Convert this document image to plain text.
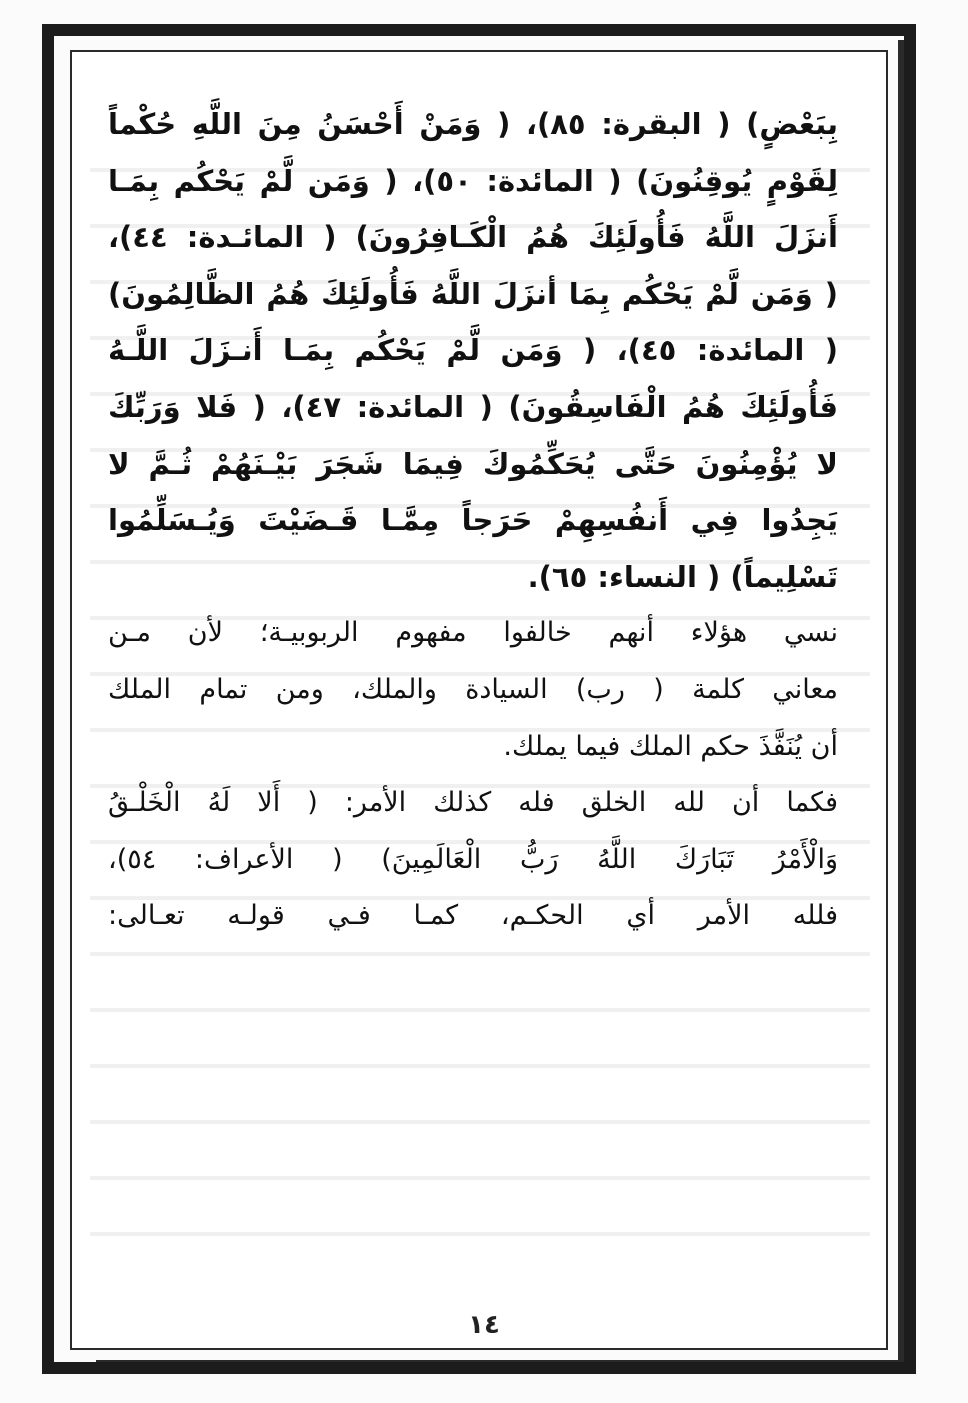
بِبَعْضٍ) ( البقرة: ٨٥)، ( وَمَنْ أَحْسَنُ مِنَ اللَّهِ حُكْماً
لِقَوْمٍ يُوقِنُونَ) ( المائدة: ٥٠)، ( وَمَن لَّمْ يَحْكُم بِمَـا
أَنزَلَ اللَّهُ فَأُولَئِكَ هُمُ الْكَـافِرُونَ) ( المائـدة: ٤٤)،
( وَمَن لَّمْ يَحْكُم بِمَا أنزَلَ اللَّهُ فَأُولَئِكَ هُمُ الظَّالِمُونَ)
( المائدة: ٤٥)، ( وَمَن لَّمْ يَحْكُم بِمَـا أَنـزَلَ اللَّـهُ
فَأُولَئِكَ هُمُ الْفَاسِقُونَ) ( المائدة: ٤٧)، ( فَلا وَرَبِّكَ
لا يُؤْمِنُونَ حَتَّى يُحَكِّمُوكَ فِيمَا شَجَرَ بَيْـنَهُمْ ثُـمَّ لا
يَجِدُوا فِي أَنفُسِهِمْ حَرَجاً مِمَّـا قَـضَيْتَ وَيُـسَلِّمُوا
تَسْلِيماً) ( النساء: ٦٥).
نسي هؤلاء أنهم خالفوا مفهوم الربوبيـة؛ لأن مـن
معاني كلمة ( رب) السيادة والملك، ومن تمام الملك
أن يُنَفَّذَ حكم الملك فيما يملك.
فكما أن لله الخلق فله كذلك الأمر: ( أَلا لَهُ الْخَلْـقُ
وَالْأَمْرُ تَبَارَكَ اللَّهُ رَبُّ الْعَالَمِينَ) ( الأعراف: ٥٤)،
فلله الأمر أي الحكـم، كمـا فـي قولـه تعـالى:
١٤
